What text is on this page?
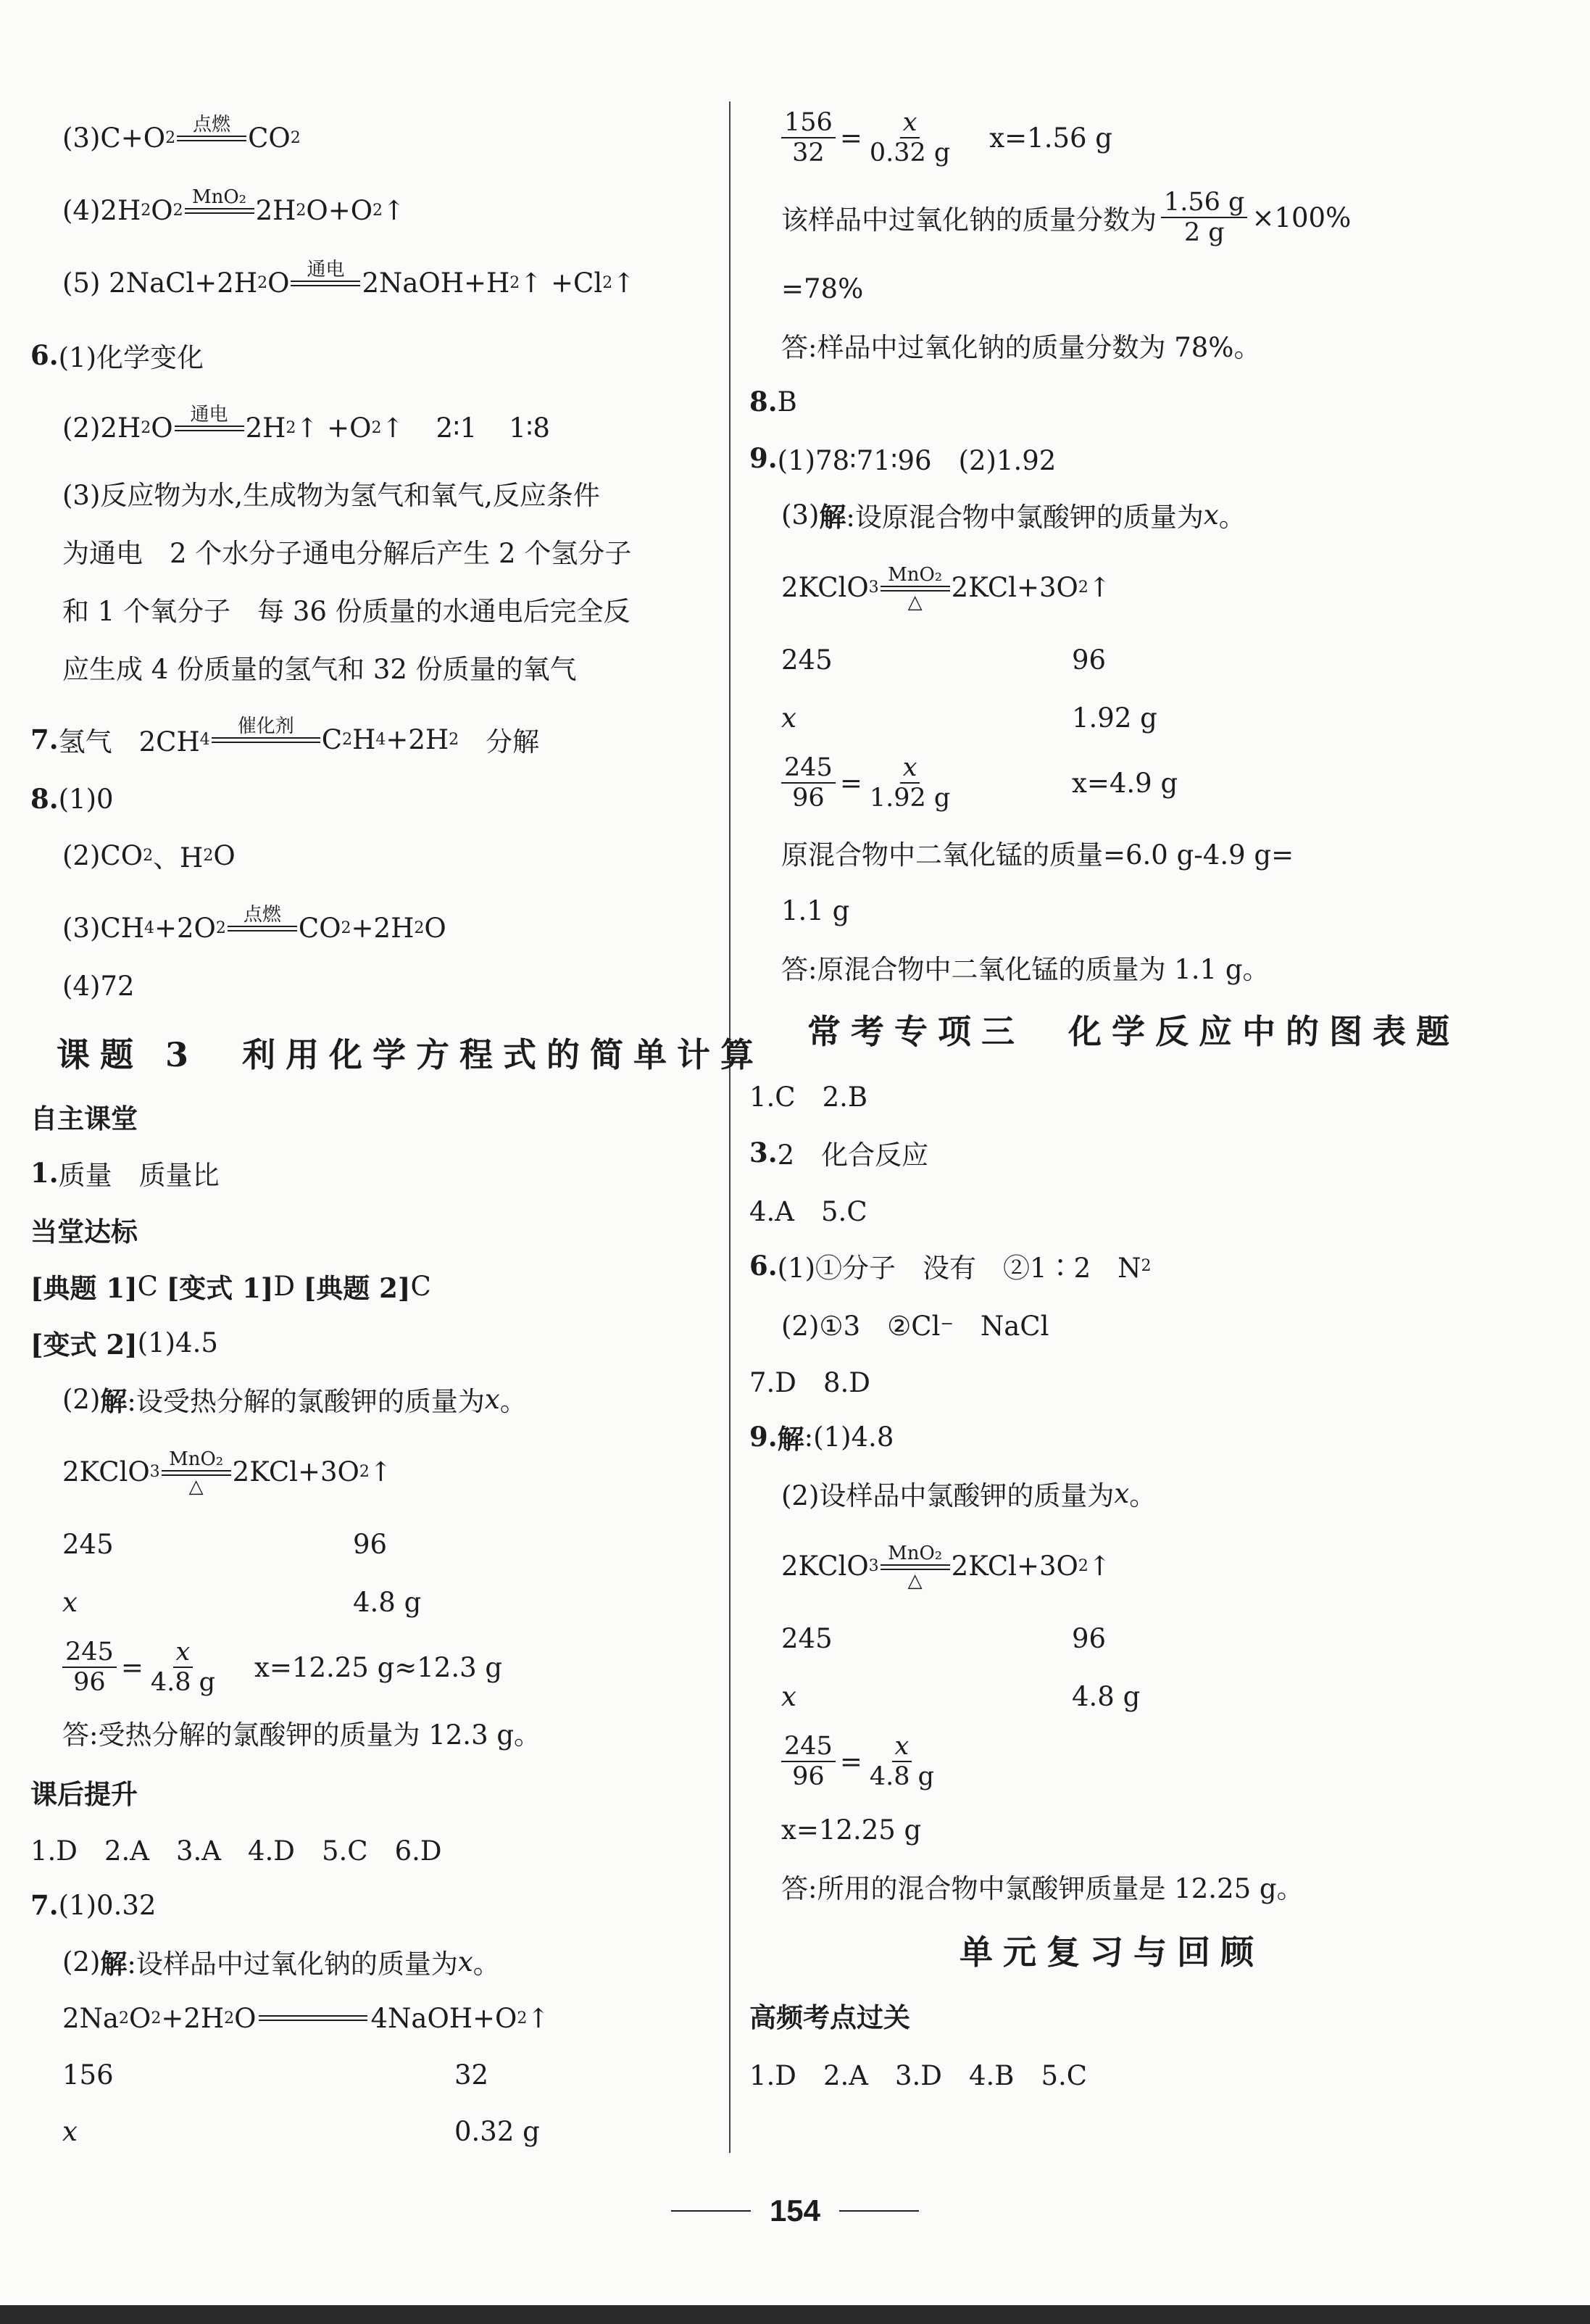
(3)C+O 2
点燃 CO 2
(4)2H 2 O 2
MnO₂ 2H 2 O+O 2 ↑
(5) 2NaCl+2H 2 O 通电 2NaOH+H 2 ↑ +Cl 2 ↑
6. (1)化学变化
(2)2H 2 O 通电 2H 2 ↑ +O 2 ↑ 2∶1 1∶8
(3)反应物为水,生成物为氢气和氧气,反应条件
为通电　2 个水分子通电分解后产生 2 个氢分子
和 1 个氧分子　每 36 份质量的水通电后完全反
应生成 4 份质量的氢气和 32 份质量的氧气
7. 氢气　2CH 4
催化剂 C 2 H 4 +2H 2 　分解
8. (1)0
(2)CO 2 、H 2 O
(3)CH 4 +2O 2
点燃 CO 2 +2H 2 O
(4)72
课题 3　利用化学方程式的简单计算
自主课堂
1. 质量　质量比
当堂达标
[典题 1] C
[变式 1] D
[典题 2] C
[变式 2] (1)4.5
(2) 解 :设受热分解的氯酸钾的质量为 x 。
2KClO 3
MnO₂
△ 2KCl+3O 2 ↑
245	96
x	4.8 g
$\frac{245}{96} = \frac{x}{4.8 g} x=12.25$ g≈12.3 g
答:受热分解的氯酸钾的质量为 12.3 g。
课后提升
1.D　2.A　3.A　4.D　5.C　6.D
7. (1)0.32
(2) 解 :设样品中过氧化钠的质量为 x 。
2Na 2 O 2 +2H 2 O	4NaOH+O 2 ↑
156	32
x	0.32 g
$\frac{156}{32} = \frac{x}{0.32 g} x=1.56$ g
该样品中过氧化钠的质量分数为 $\frac{1.56 g}{2 g} \times 100\%$
=78%
答:样品中过氧化钠的质量分数为 78%。
8. B
9. (1)78∶71∶96　(2)1.92
(3) 解 :设原混合物中氯酸钾的质量为 x 。
2KClO 3
MnO₂
△ 2KCl+3O 2 ↑
245	96
x	1.92 g
$\frac{245}{96} = \frac{x}{1.92 g}$	x=4.9 g
原混合物中二氧化锰的质量=6.0 g-4.9 g=
1.1 g
答:原混合物中二氧化锰的质量为 1.1 g。
常考专项三　化学反应中的图表题
1.C　2.B
3. 2　化合反应
4.A　5.C
6. (1)①分子　没有　②1∶2　N 2
(2)①3　②Cl − 　NaCl
7.D　8.D
9. 解 :(1)4.8
(2)设样品中氯酸钾的质量为 x 。
2KClO 3
MnO₂
△ 2KCl+3O 2 ↑
245	96
x	4.8 g
$\frac{245}{96} = \frac{x}{4.8 g}$
x=12.25 g
答:所用的混合物中氯酸钾质量是 12.25 g。
单元复习与回顾
高频考点过关
1.D　2.A　3.D　4.B　5.C
154
